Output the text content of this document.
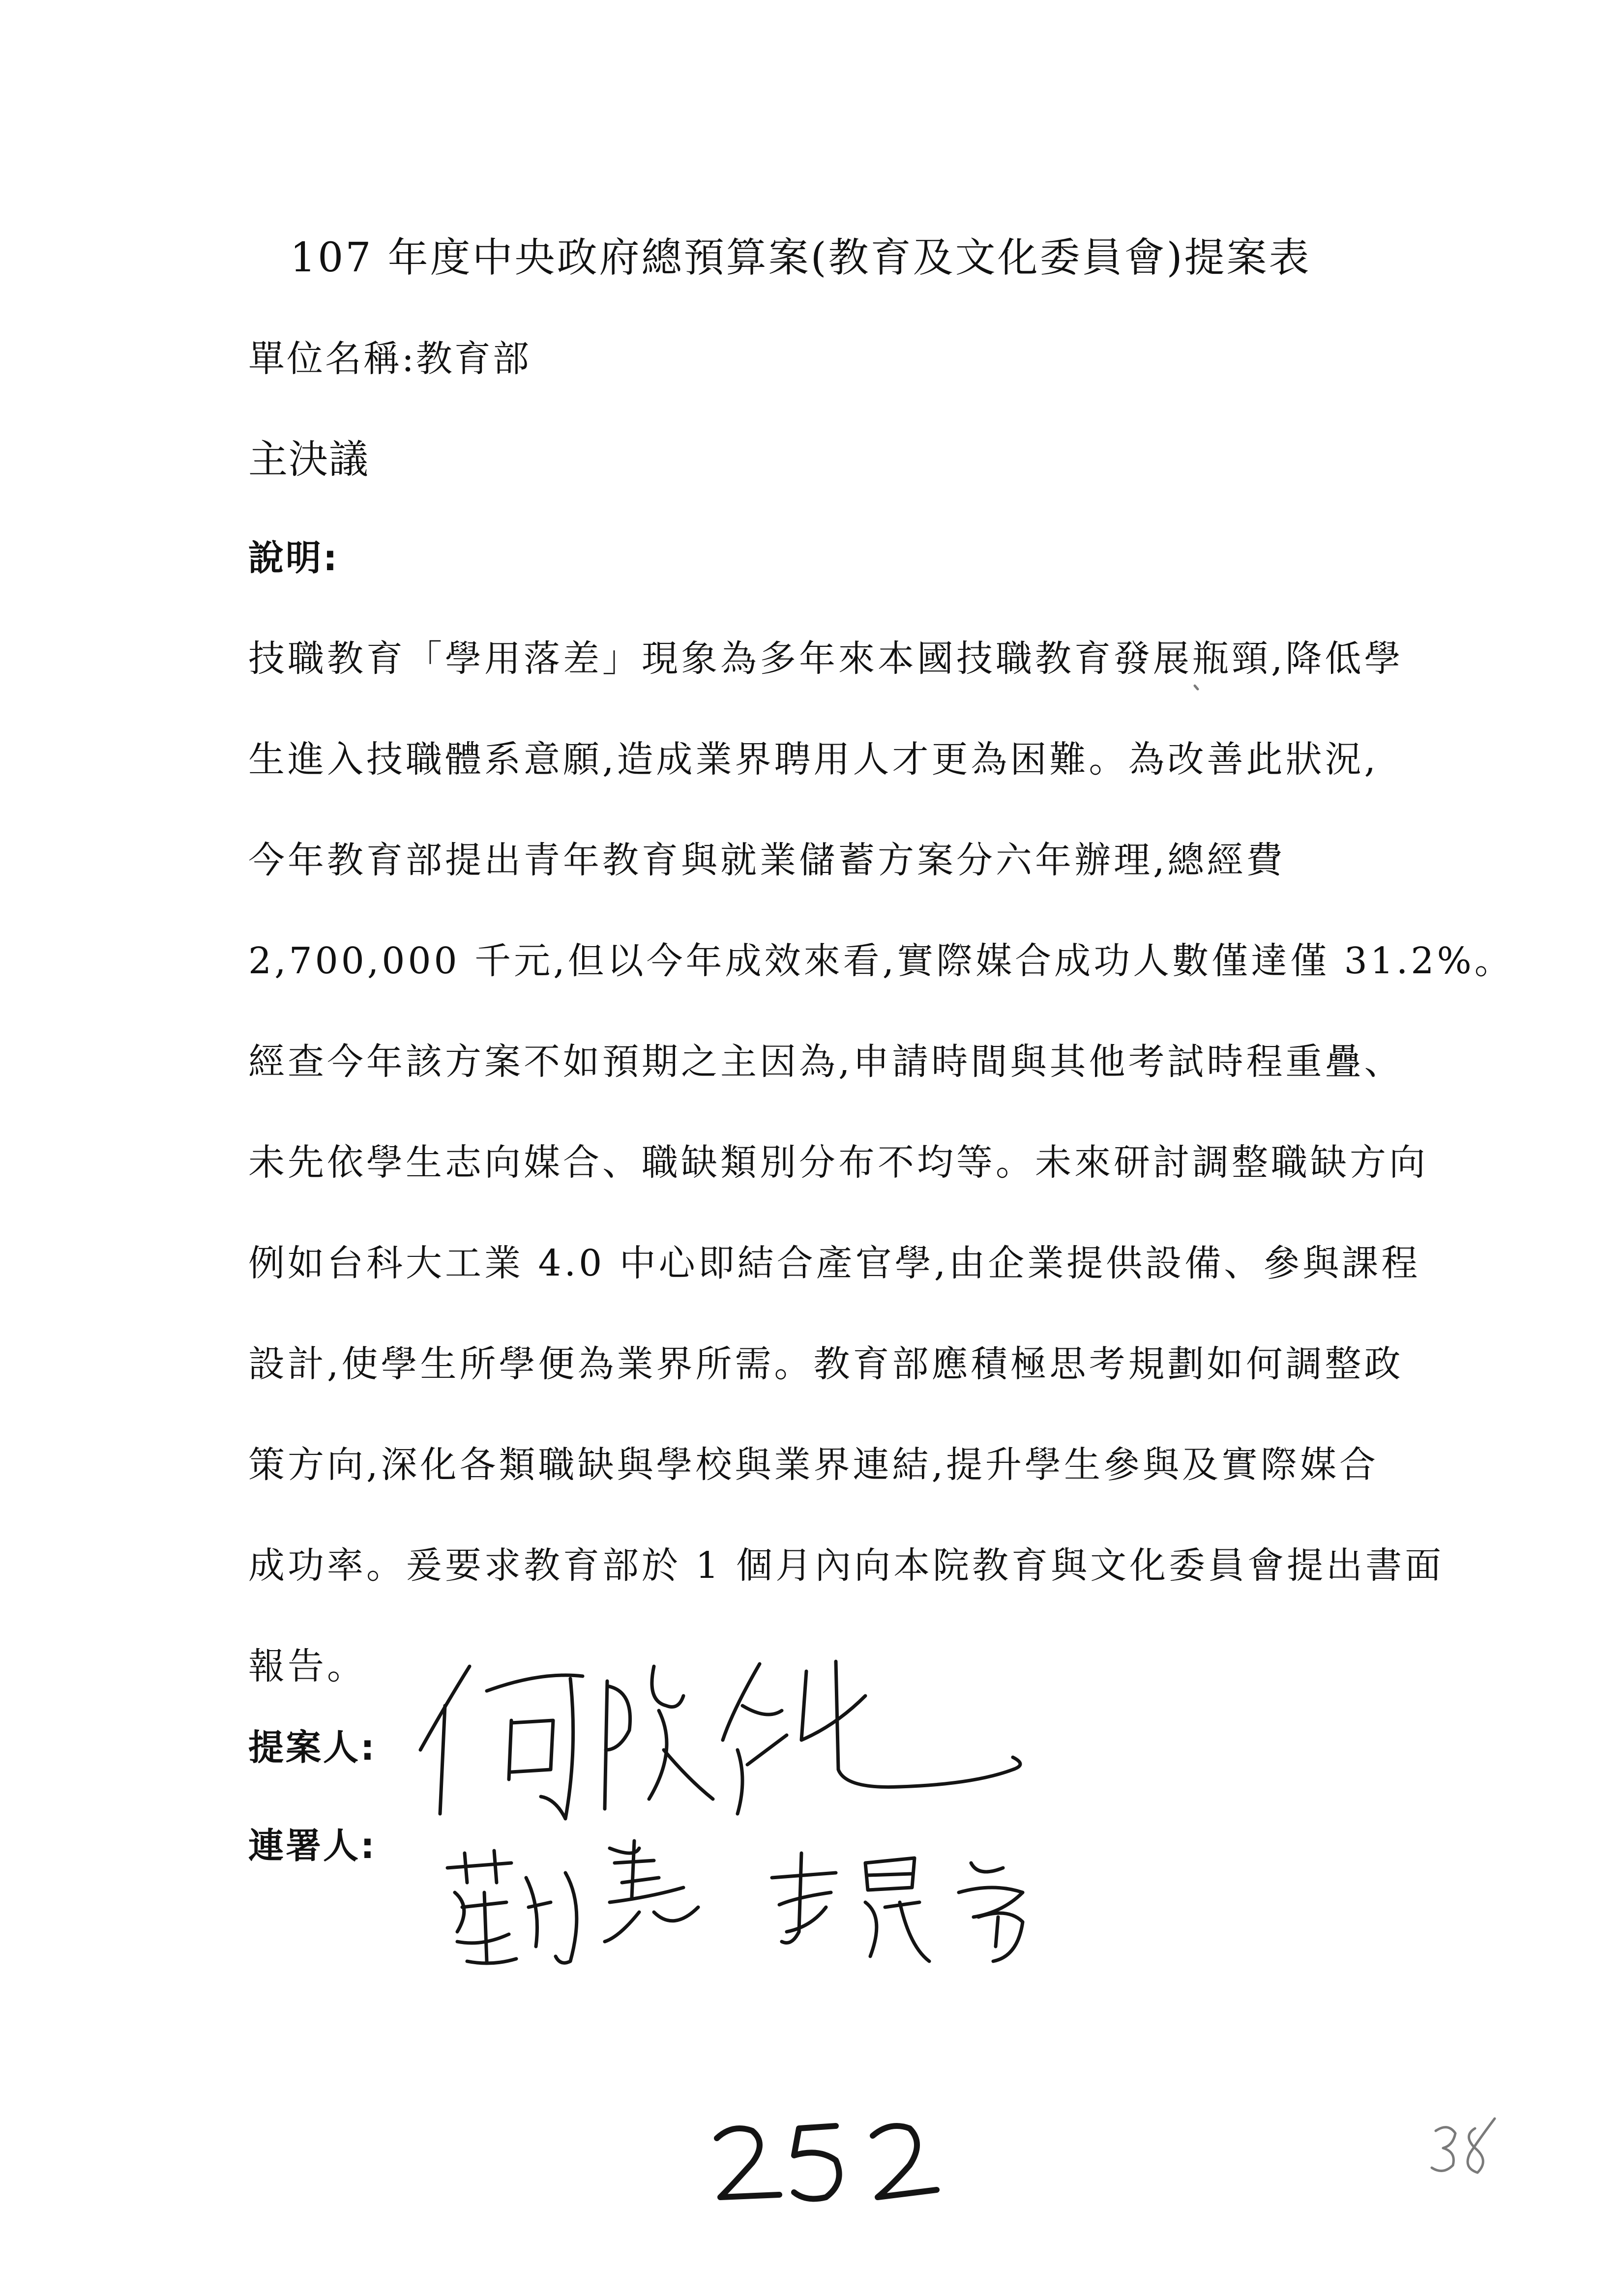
107 年度中央政府總預算案(教育及文化委員會)提案表
單位名稱:教育部
主決議
說明:
技職教育「學用落差」現象為多年來本國技職教育發展瓶頸,降低學
生進入技職體系意願,造成業界聘用人才更為困難。為改善此狀況,
今年教育部提出青年教育與就業儲蓄方案分六年辦理,總經費
2,700,000 千元,但以今年成效來看,實際媒合成功人數僅達僅 31.2%。
經查今年該方案不如預期之主因為,申請時間與其他考試時程重疊、
未先依學生志向媒合、職缺類別分布不均等。未來研討調整職缺方向
例如台科大工業 4.0 中心即結合產官學,由企業提供設備、參與課程
設計,使學生所學便為業界所需。教育部應積極思考規劃如何調整政
策方向,深化各類職缺與學校與業界連結,提升學生參與及實際媒合
成功率。爰要求教育部於 1 個月內向本院教育與文化委員會提出書面
報告。
提案人:
連署人:
